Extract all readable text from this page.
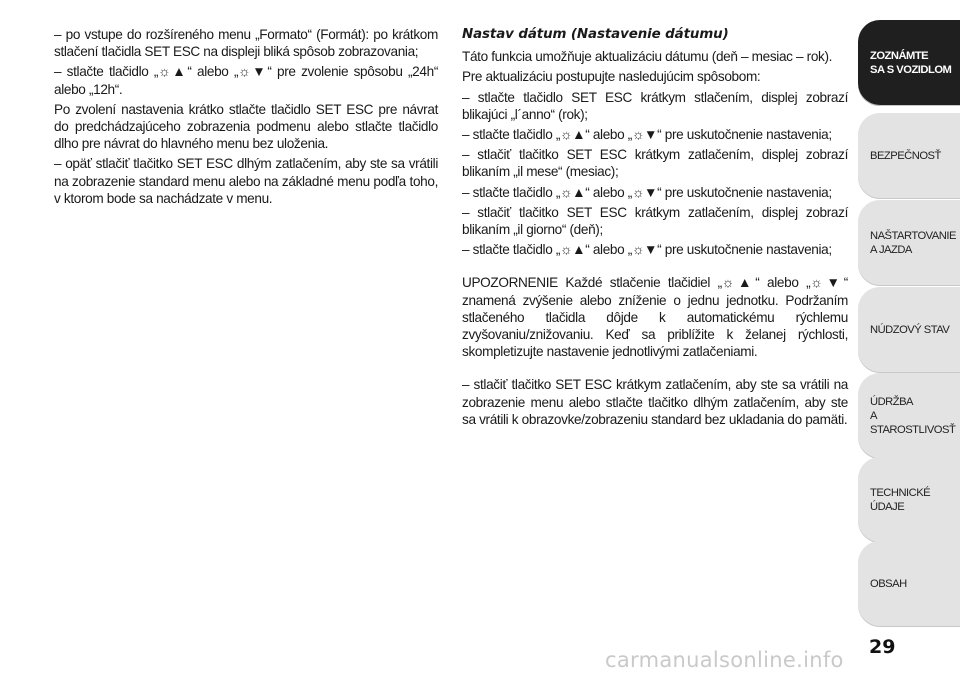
– po vstupe do rozšíreného menu „Formato“ (Formát): po krátkom stlačení tlačidla SET ESC na displeji bliká spôsob zobrazovania;

– stlačte tlačidlo „☼▲“ alebo „☼▼“ pre zvolenie spôsobu „24h“ alebo „12h“.

Po zvolení nastavenia krátko stlačte tlačidlo SET ESC pre návrat do predchádzajúceho zobrazenia podmenu alebo stlačte tlačidlo dlho pre návrat do hlavného menu bez uloženia.

– opäť stlačiť tlačitko SET ESC dlhým zatlačením, aby ste sa vrátili na zobrazenie standard menu alebo na základné menu podľa toho, v ktorom bode sa nachádzate v menu.

Nastav dátum (Nastavenie dátumu)

Táto funkcia umožňuje aktualizáciu dátumu (deň – mesiac – rok).

Pre aktualizáciu postupujte nasledujúcim spôsobom:

– stlačte tlačidlo SET ESC krátkym stlačením, displej zobrazí blikajúci „l´anno“ (rok);

– stlačte tlačidlo „☼▲“ alebo „☼▼“ pre uskutočnenie nastavenia;

– stlačiť tlačitko SET ESC krátkym zatlačením, displej zobrazí blikaním „il mese“ (mesiac);

– stlačte tlačidlo „☼▲“ alebo „☼▼“ pre uskutočnenie nastavenia;

– stlačiť tlačitko SET ESC krátkym zatlačením, displej zobrazí blikaním „il giorno“ (deň);

– stlačte tlačidlo „☼▲“ alebo „☼▼“ pre uskutočnenie nastavenia;

UPOZORNENIE Každé stlačenie tlačidiel „☼▲“ alebo „☼▼“ znamená zvýšenie alebo zníženie o jednu jednotku. Podržaním stlačeného tlačidla dôjde k automatickému rýchlemu zvyšovaniu/znižovaniu. Keď sa priblížite k želanej rýchlosti, skompletizujte nastavenie jednotlivými zatlačeniami.

– stlačiť tlačitko SET ESC krátkym zatlačením, aby ste sa vrátili na zobrazenie menu alebo stlačte tlačitko dlhým zatlačením, aby ste sa vrátili k obrazovke/zobrazeniu standard bez ukladania do pamäti.

ZOZNÁMTE
SA S VOZIDLOM
BEZPEČNOSŤ
NAŠTARTOVANIE
A JAZDA
NÚDZOVÝ STAV
ÚDRŽBA
A STAROSTLIVOSŤ
TECHNICKÉ
ÚDAJE
OBSAH
29
carmanualsonline.info
